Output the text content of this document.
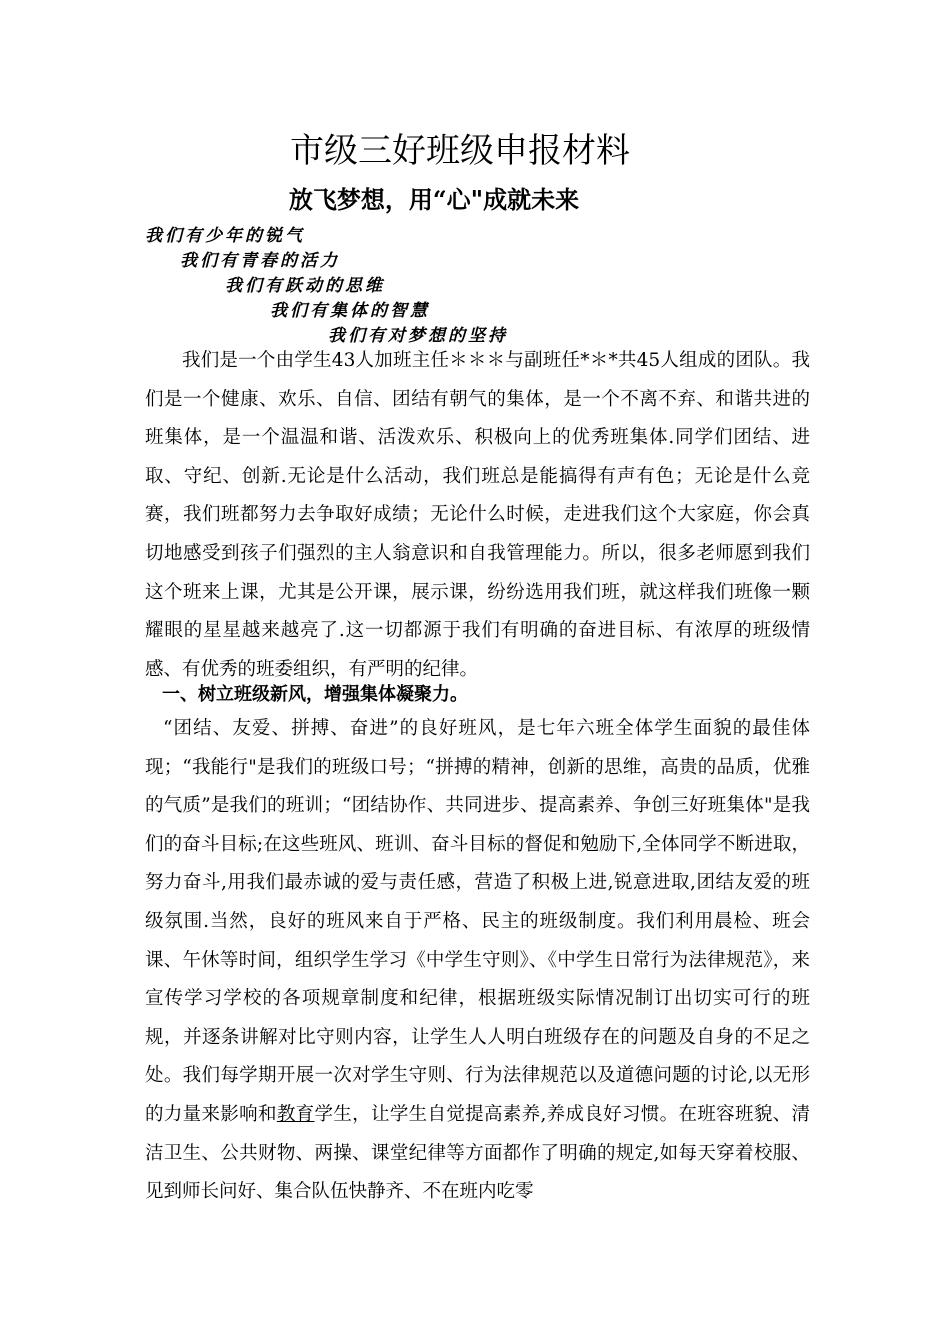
市级三好班级申报材料
放飞梦想，用“心"成就未来
我们有少年的锐气
我们有青春的活力
我们有跃动的思维
我们有集体的智慧
我们有对梦想的坚持
我们是一个由学生43人加班主任＊＊＊与副班任*＊*共45人组成的团队。我们是一个健康、欢乐、自信、团结有朝气的集体，是一个不离不弃、和谐共进的班集体，是一个温温和谐、活泼欢乐、积极向上的优秀班集体.同学们团结、进取、守纪、创新.无论是什么活动，我们班总是能搞得有声有色；无论是什么竞赛，我们班都努力去争取好成绩；无论什么时候，走进我们这个大家庭，你会真切地感受到孩子们强烈的主人翁意识和自我管理能力。所以，很多老师愿到我们这个班来上课，尤其是公开课，展示课，纷纷选用我们班，就这样我们班像一颗耀眼的星星越来越亮了.这一切都源于我们有明确的奋进目标、有浓厚的班级情感、有优秀的班委组织，有严明的纪律。
一、树立班级新风，增强集体凝聚力。
“团结、友爱、拼搏、奋进”的良好班风，是七年六班全体学生面貌的最佳体现；“我能行"是我们的班级口号；“拼搏的精神，创新的思维，高贵的品质，优雅的气质”是我们的班训；“团结协作、共同进步、提高素养、争创三好班集体"是我们的奋斗目标;在这些班风、班训、奋斗目标的督促和勉励下,全体同学不断进取，努力奋斗,用我们最赤诚的爱与责任感，营造了积极上进,锐意进取,团结友爱的班级氛围.当然，良好的班风来自于严格、民主的班级制度。我们利用晨检、班会课、午休等时间，组织学生学习《中学生守则》、《中学生日常行为法律规范》，来宣传学习学校的各项规章制度和纪律，根据班级实际情况制订出切实可行的班规，并逐条讲解对比守则内容，让学生人人明白班级存在的问题及自身的不足之处。我们每学期开展一次对学生守则、行为法律规范以及道德问题的讨论,以无形的力量来影响和教育学生，让学生自觉提高素养,养成良好习惯。在班容班貌、清洁卫生、公共财物、两操、课堂纪律等方面都作了明确的规定,如每天穿着校服、见到师长问好、集合队伍快静齐、不在班内吃零
